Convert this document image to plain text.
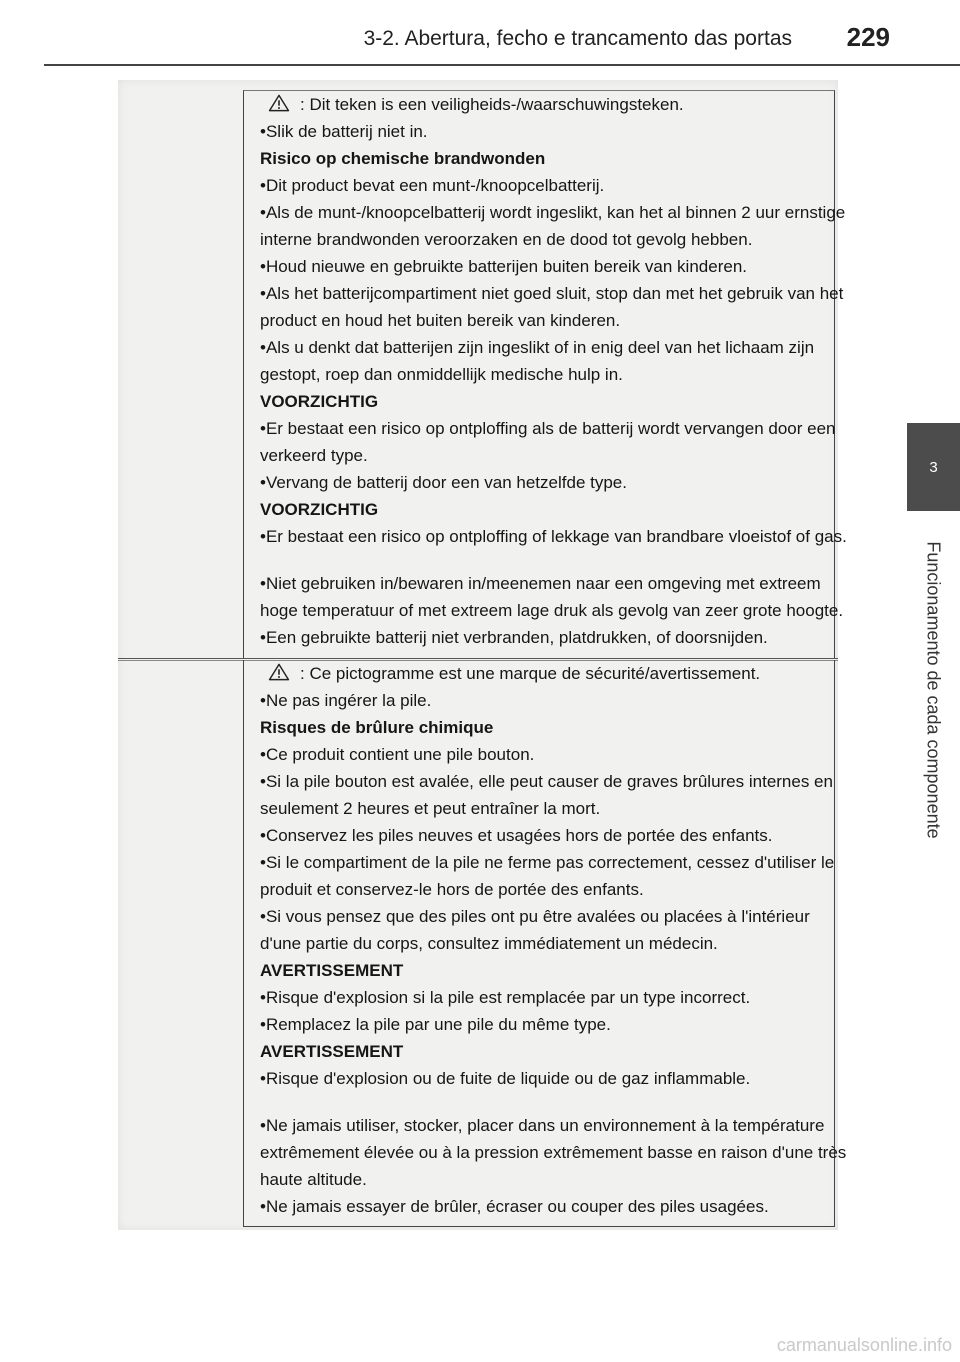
3-2. Abertura, fecho e trancamento das portas 229
3
Funcionamento de cada componente
: Dit teken is een veiligheids-/waarschuwingsteken.
•Slik de batterij niet in.
Risico op chemische brandwonden
•Dit product bevat een munt-/knoopcelbatterij.
•Als de munt-/knoopcelbatterij wordt ingeslikt, kan het al binnen 2 uur ernstige
interne brandwonden veroorzaken en de dood tot gevolg hebben.
•Houd nieuwe en gebruikte batterijen buiten bereik van kinderen.
•Als het batterijcompartiment niet goed sluit, stop dan met het gebruik van het
product en houd het buiten bereik van kinderen.
•Als u denkt dat batterijen zijn ingeslikt of in enig deel van het lichaam zijn
gestopt, roep dan onmiddellijk medische hulp in.
VOORZICHTIG
•Er bestaat een risico op ontploffing als de batterij wordt vervangen door een
verkeerd type.
•Vervang de batterij door een van hetzelfde type.
VOORZICHTIG
•Er bestaat een risico op ontploffing of lekkage van brandbare vloeistof of gas.
•Niet gebruiken in/bewaren in/meenemen naar een omgeving met extreem
hoge temperatuur of met extreem lage druk als gevolg van zeer grote hoogte.
•Een gebruikte batterij niet verbranden, platdrukken, of doorsnijden.
: Ce pictogramme est une marque de sécurité/avertissement.
•Ne pas ingérer la pile.
Risques de brûlure chimique
•Ce produit contient une pile bouton.
•Si la pile bouton est avalée, elle peut causer de graves brûlures internes en
seulement 2 heures et peut entraîner la mort.
•Conservez les piles neuves et usagées hors de portée des enfants.
•Si le compartiment de la pile ne ferme pas correctement, cessez d'utiliser le
produit et conservez-le hors de portée des enfants.
•Si vous pensez que des piles ont pu être avalées ou placées à l'intérieur
d'une partie du corps, consultez immédiatement un médecin.
AVERTISSEMENT
•Risque d'explosion si la pile est remplacée par un type incorrect.
•Remplacez la pile par une pile du même type.
AVERTISSEMENT
•Risque d'explosion ou de fuite de liquide ou de gaz inflammable.
•Ne jamais utiliser, stocker, placer dans un environnement à la température
extrêmement élevée ou à la pression extrêmement basse en raison d'une très
haute altitude.
•Ne jamais essayer de brûler, écraser ou couper des piles usagées.
carmanualsonline.info
